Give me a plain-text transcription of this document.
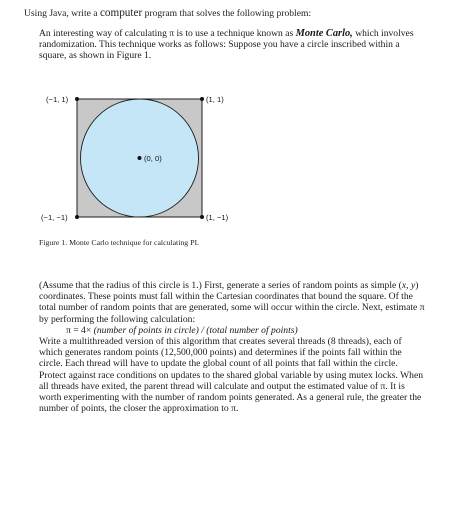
Using Java, write a computer program that solves the following problem:
An interesting way of calculating π is to use a technique known as Monte Carlo, which involves randomization. This technique works as follows: Suppose you have a circle inscribed within a square, as shown in Figure 1.
(−1, 1)	(1, 1)
(0, 0)
(−1, −1)	(1, −1)
Figure 1. Monte Carlo technique for calculating PI.
(Assume that the radius of this circle is 1.) First, generate a series of random points as simple (x, y) coordinates. These points must fall within the Cartesian coordinates that bound the square. Of the total number of random points that are generated, some will occur within the circle. Next, estimate π by performing the following calculation:
π = 4× (number of points in circle) / (total number of points)
Write a multithreaded version of this algorithm that creates several threads (8 threads), each of which generates random points (12,500,000 points) and determines if the points fall within the circle. Each thread will have to update the global count of all points that fall within the circle. Protect against race conditions on updates to the shared global variable by using mutex locks. When all threads have exited, the parent thread will calculate and output the estimated value of π. It is worth experimenting with the number of random points generated. As a general rule, the greater the number of points, the closer the approximation to π.
